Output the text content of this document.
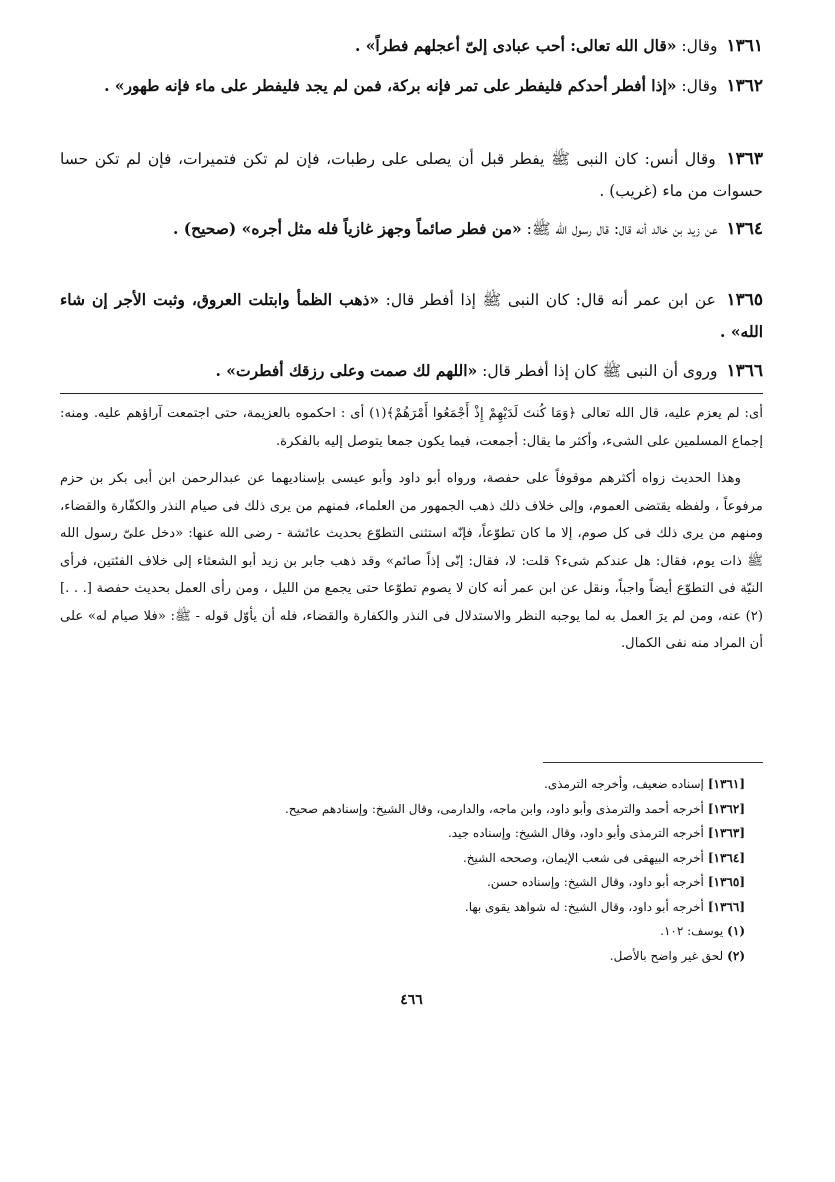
١٣٦١ وقال: «قال الله تعالى: أحب عبادى إلىّ أعجلهم فطراً» .

١٣٦٢ وقال: «إذا أفطر أحدكم فليفطر على تمر فإنه بركة، فمن لم يجد فليفطر على ماء فإنه طهور» .

١٣٦٣ وقال أنس: كان النبى ﷺ يفطر قبل أن يصلى على رطبات، فإن لم تكن فتميرات، فإن لم تكن حسا حسوات من ماء (غريب) .

١٣٦٤ عن زيد بن خالد أنه قال: قال رسول الله ﷺ: «من فطر صائماً وجهز غازياً فله مثل أجره» (صحيح) .

١٣٦٥ عن ابن عمر أنه قال: كان النبى ﷺ إذا أفطر قال: «ذهب الظمأ وابتلت العروق، وثبت الأجر إن شاء الله» .

١٣٦٦ وروى أن النبى ﷺ كان إذا أفطر قال: «اللهم لك صمت وعلى رزقك أفطرت» .

أى: لم يعزم عليه، قال الله تعالى ﴿وَمَا كُنتَ لَدَيْهِمْ إِذْ أَجْمَعُوا أَمْرَهُمْ﴾(١) أى : احكموه بالعزيمة، حتى اجتمعت آراؤهم عليه. ومنه: إجماع المسلمين على الشىء، وأكثر ما يقال: أجمعت، فيما يكون جمعا يتوصل إليه بالفكرة.

وهذا الحديث زواه أكثرهم موقوفاً على حفصة، ورواه أبو داود وأبو عيسى بإسناديهما عن عبدالرحمن ابن أبى بكر بن حزم مرفوعاً ، ولفظه يقتضى العموم، وإلى خلاف ذلك ذهب الجمهور من العلماء، فمنهم من يرى ذلك فى صيام النذر والكفّارة والقضاء، ومنهم من يرى ذلك فى كل صوم، إلا ما كان تطوّعاً، فإنّه استثنى التطوّع بحديث عائشة - رضى الله عنها: «دخل علىّ رسول الله ﷺ ذات يوم، فقال: هل عندكم شىء؟ قلت: لا، فقال: إنّى إذاً صائم» وقد ذهب جابر بن زيد أبو الشعثاء إلى خلاف الفئتين، فرأى النيّة فى التطوّع أيضاً واجباً، ونقل عن ابن عمر أنه كان لا يصوم تطوّعا حتى يجمع من الليل ، ومن رأى العمل بحديث حفصة [. . .](٢) عنه، ومن لم يرَ العمل به لما يوجبه النظر والاستدلال فى النذر والكفارة والقضاء، فله أن يأوّل قوله - ﷺ: «فلا صيام له» على أن المراد منه نفى الكمال.

[١٣٦١]إسناده ضعيف، وأخرجه الترمذى.
[١٣٦٢]أخرجه أحمد والترمذى وأبو داود، وابن ماجه، والدارمى، وقال الشيخ: وإسنادهم صحيح.
[١٣٦٣]أخرجه الترمذى وأبو داود، وقال الشيخ: وإسناده جيد.
[١٣٦٤]أخرجه البيهقى فى شعب الإيمان، وصححه الشيخ.
[١٣٦٥]أخرجه أبو داود، وقال الشيخ: وإسناده حسن.
[١٣٦٦]أخرجه أبو داود، وقال الشيخ: له شواهد يقوى بها.
(١)يوسف: ١٠٢.
(٢)لحق غير واضح بالأصل.
٤٦٦
